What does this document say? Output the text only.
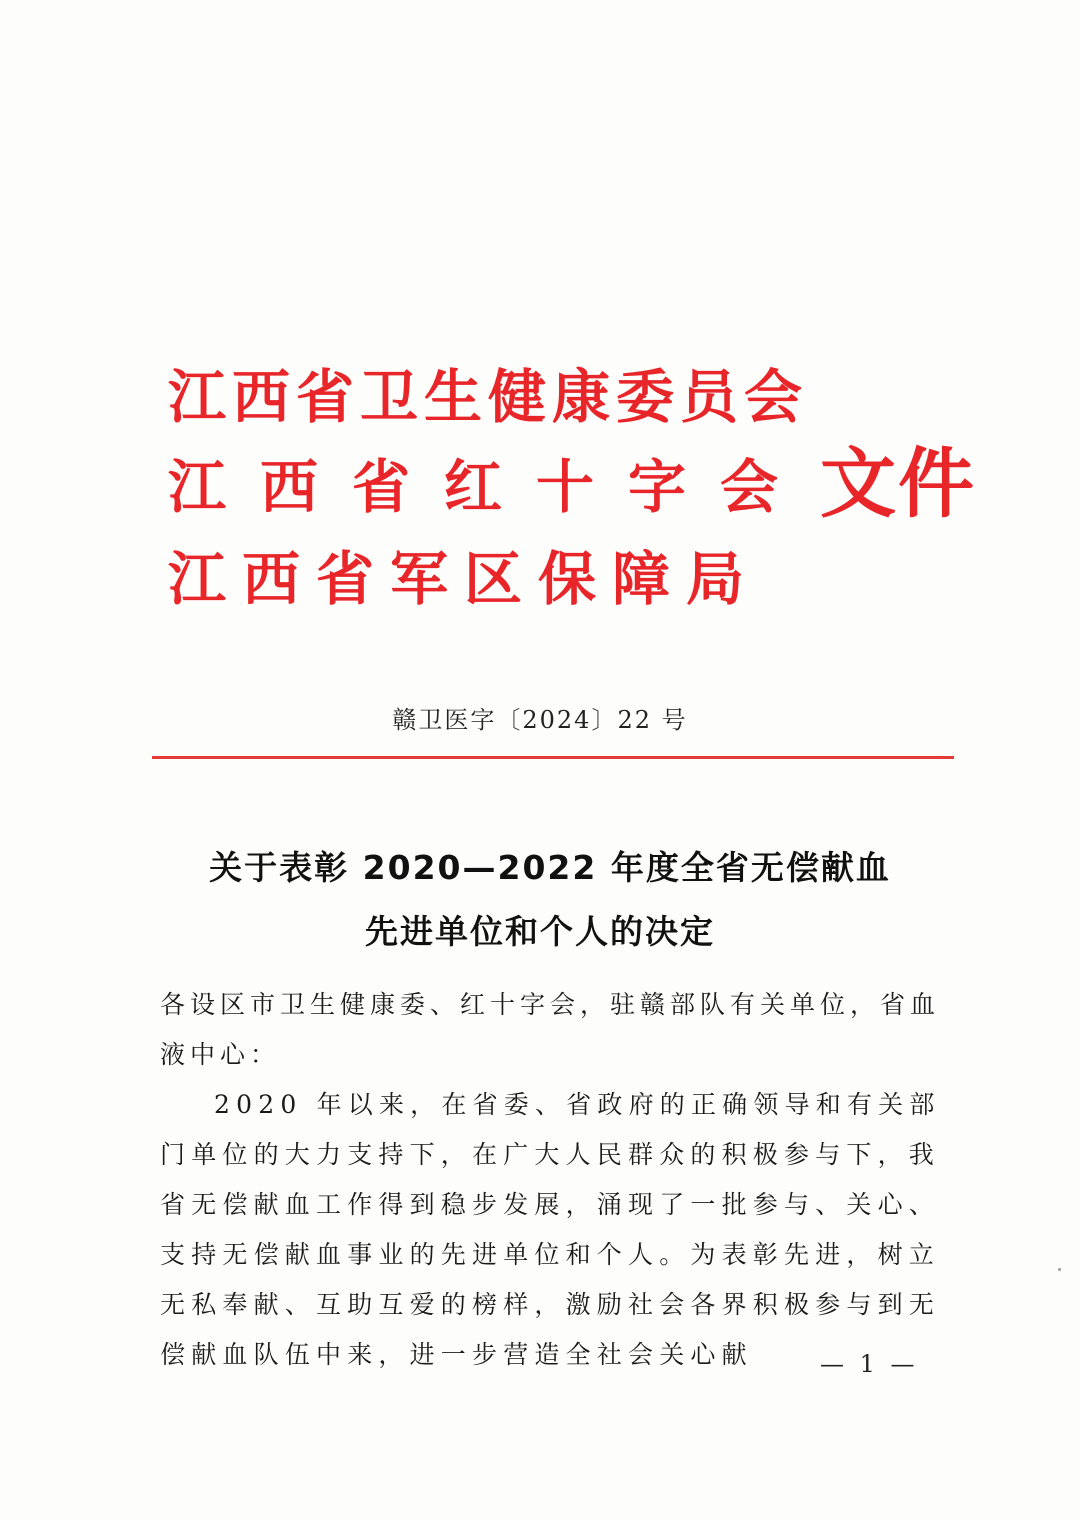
江西省卫生健康委员会
江西省红十字会
江西省军区保障局
文件
赣卫医字〔2024〕22 号
关于表彰 2020—2022 年度全省无偿献血
先进单位和个人的决定
各设区市卫生健康委、红十字会，驻赣部队有关单位，省血液中心：
2020 年以来，在省委、省政府的正确领导和有关部门单位的大力支持下，在广大人民群众的积极参与下，我省无偿献血工作得到稳步发展，涌现了一批参与、关心、支持无偿献血事业的先进单位和个人。为表彰先进，树立无私奉献、互助互爱的榜样，激励社会各界积极参与到无偿献血队伍中来，进一步营造全社会关心献	— 1 —
